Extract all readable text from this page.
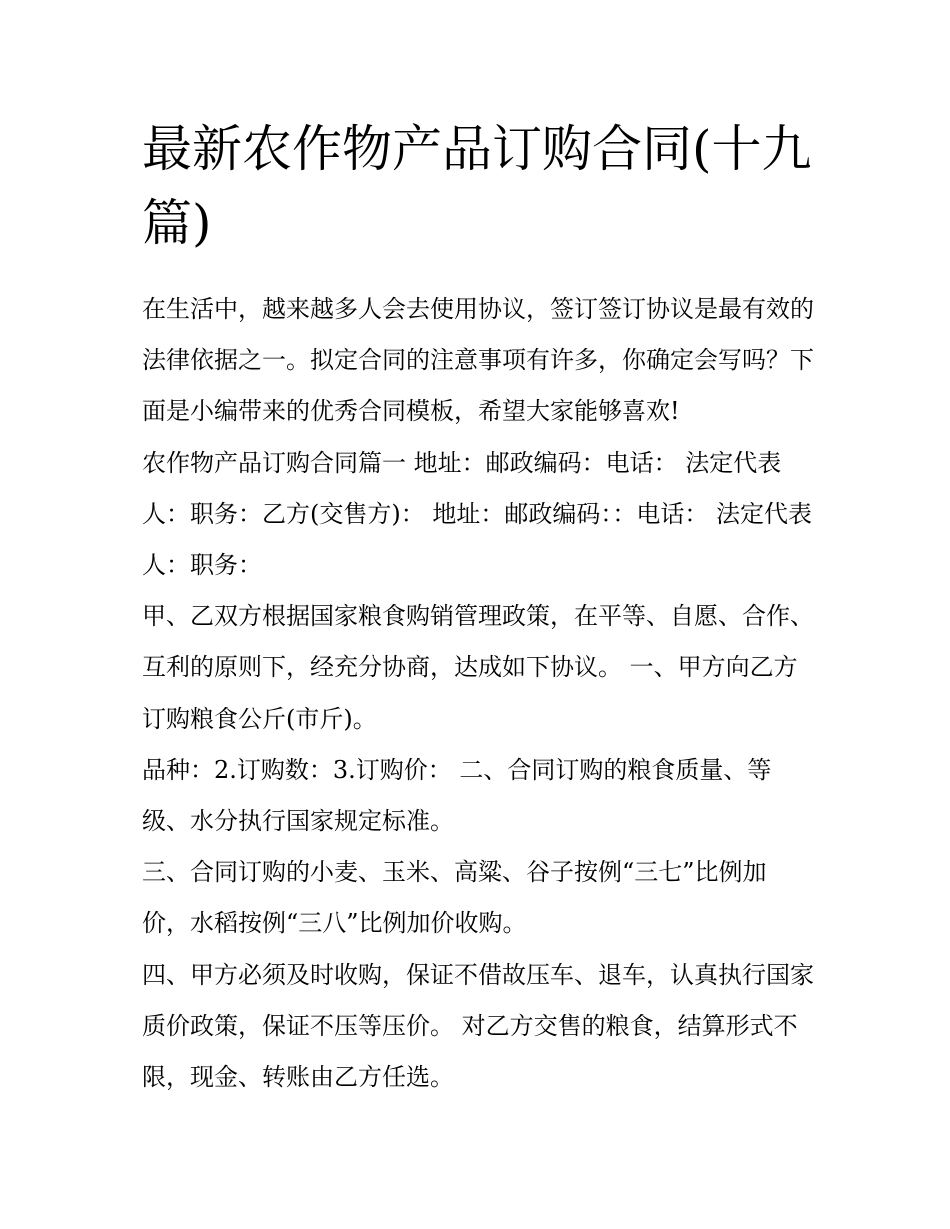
最新农作物产品订购合同(十九篇)

在生活中，越来越多人会去使用协议，签订签订协议是最有效的法律依据之一。拟定合同的注意事项有许多，你确定会写吗？下面是小编带来的优秀合同模板，希望大家能够喜欢!

农作物产品订购合同篇一 地址：邮政编码：电话： 法定代表人：职务：乙方(交售方)： 地址：邮政编码：：电话： 法定代表人：职务：

甲、乙双方根据国家粮食购销管理政策，在平等、自愿、合作、互利的原则下，经充分协商，达成如下协议。 一、甲方向乙方订购粮食公斤(市斤)。

品种：2.订购数：3.订购价： 二、合同订购的粮食质量、等级、水分执行国家规定标准。

三、合同订购的小麦、玉米、高粱、谷子按例“三七”比例加价，水稻按例“三八”比例加价收购。

四、甲方必须及时收购，保证不借故压车、退车，认真执行国家质价政策，保证不压等压价。 对乙方交售的粮食，结算形式不限，现金、转账由乙方任选。
